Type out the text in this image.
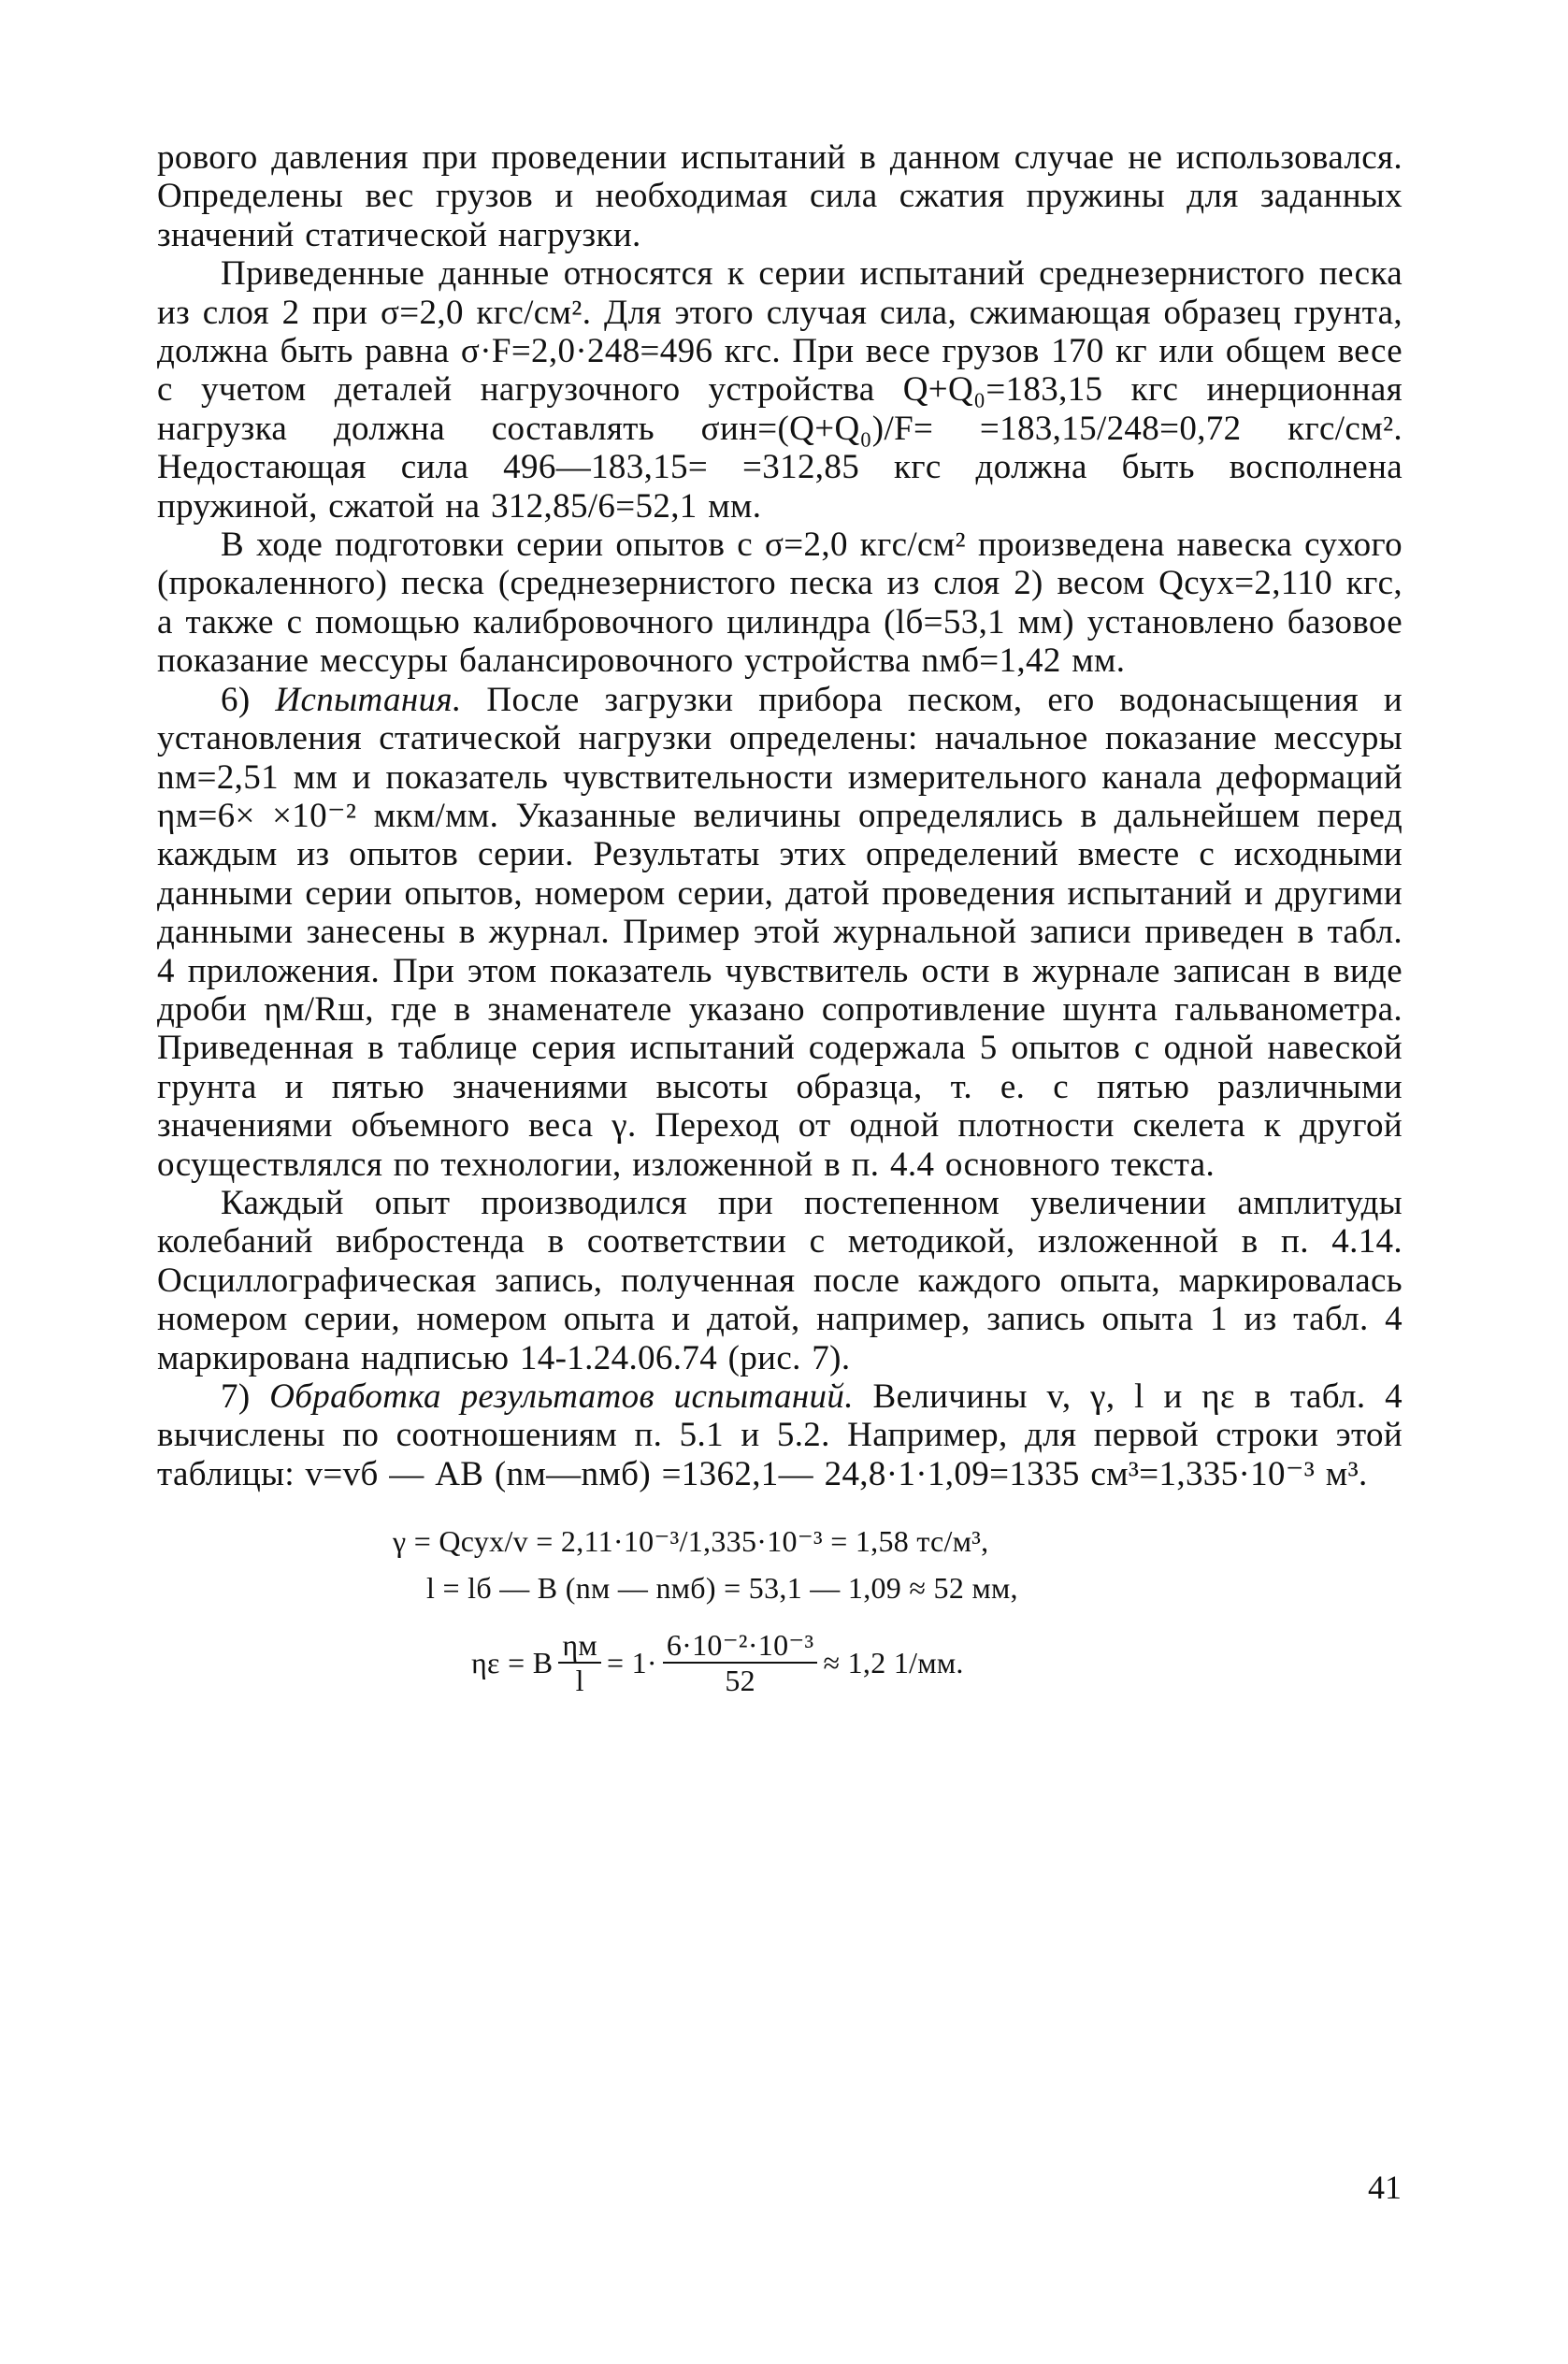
рового давления при проведении испытаний в данном случае не использовался. Определены вес грузов и необходимая сила сжатия пружины для заданных значений статической нагрузки.

Приведенные данные относятся к серии испытаний среднезернистого песка из слоя 2 при σ=2,0 кгс/см². Для этого случая сила, сжимающая образец грунта, должна быть равна σ·F=2,0·248=496 кгс. При весе грузов 170 кг или общем весе с учетом деталей нагрузочного устройства Q+Q₀=183,15 кгс инерционная нагрузка должна составлять σин=(Q+Q₀)/F= =183,15/248=0,72 кгс/см². Недостающая сила 496—183,15= =312,85 кгс должна быть восполнена пружиной, сжатой на 312,85/6=52,1 мм.

В ходе подготовки серии опытов с σ=2,0 кгс/см² произведена навеска сухого (прокаленного) песка (среднезернистого песка из слоя 2) весом Qсух=2,110 кгс, а также с помощью калибровочного цилиндра (lб=53,1 мм) установлено базовое показание мессуры балансировочного устройства nмб=1,42 мм.

6) Испытания. После загрузки прибора песком, его водонасыщения и установления статической нагрузки определены: начальное показание мессуры nм=2,51 мм и показатель чувствительности измерительного канала деформаций ηм=6× ×10⁻² мкм/мм. Указанные величины определялись в дальнейшем перед каждым из опытов серии. Результаты этих определений вместе с исходными данными серии опытов, номером серии, датой проведения испытаний и другими данными занесены в журнал. Пример этой журнальной записи приведен в табл. 4 приложения. При этом показатель чувствитель ости в журнале записан в виде дроби ηм/Rш, где в знаменателе указано сопротивление шунта гальванометра. Приведенная в таблице серия испытаний содержала 5 опытов с одной навеской грунта и пятью значениями высоты образца, т. е. с пятью различными значениями объемного веса γ. Переход от одной плотности скелета к другой осуществлялся по технологии, изложенной в п. 4.4 основного текста.

Каждый опыт производился при постепенном увеличении амплитуды колебаний вибростенда в соответствии с методикой, изложенной в п. 4.14. Осциллографическая запись, полученная после каждого опыта, маркировалась номером серии, номером опыта и датой, например, запись опыта 1 из табл. 4 маркирована надписью 14-1.24.06.74 (рис. 7).

7) Обработка результатов испытаний. Величины v, γ, l и ηε в табл. 4 вычислены по соотношениям п. 5.1 и 5.2. Например, для первой строки этой таблицы: v=vб — AB (nм—nмб) =1362,1— 24,8·1·1,09=1335 см³=1,335·10⁻³ м³.

γ = Qсух/v = 2,11·10⁻³/1,335·10⁻³ = 1,58 тс/м³,
l = lб — B (nм — nмб) = 53,1 — 1,09 ≈ 52 мм,
ηε = B $\frac{\eta м}{l} = 1\cdot \frac{\text{6·10⁻²·10⁻³}}{52} \approx 1,2$ 1/мм.
41
